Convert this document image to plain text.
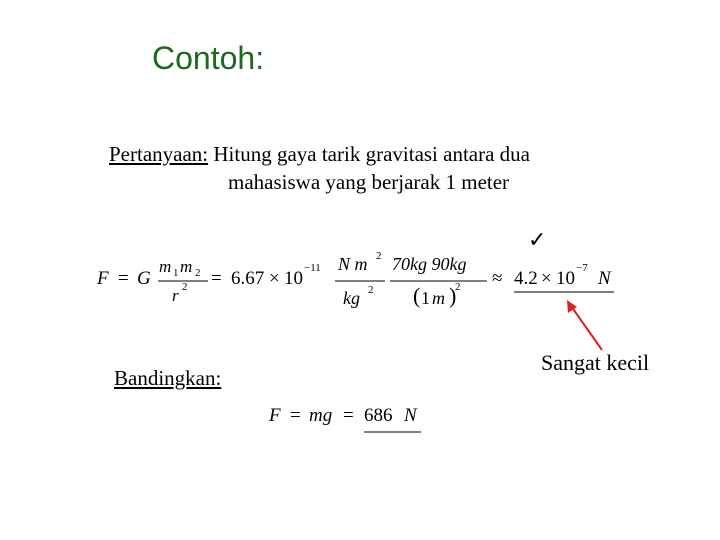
Contoh:
Pertanyaan: Hitung gaya tarik gravitasi antara dua
mahasiswa yang berjarak 1 meter
F = G
m 1 m 2
r 2 = 6.67 × 10 −11 N m 2
kg 2
70kg 90kg
( 1 m )
2 ≈ 4.2 × 10 −7 N
✓
Bandingkan:
F = mg = 686 N
Sangat kecil
